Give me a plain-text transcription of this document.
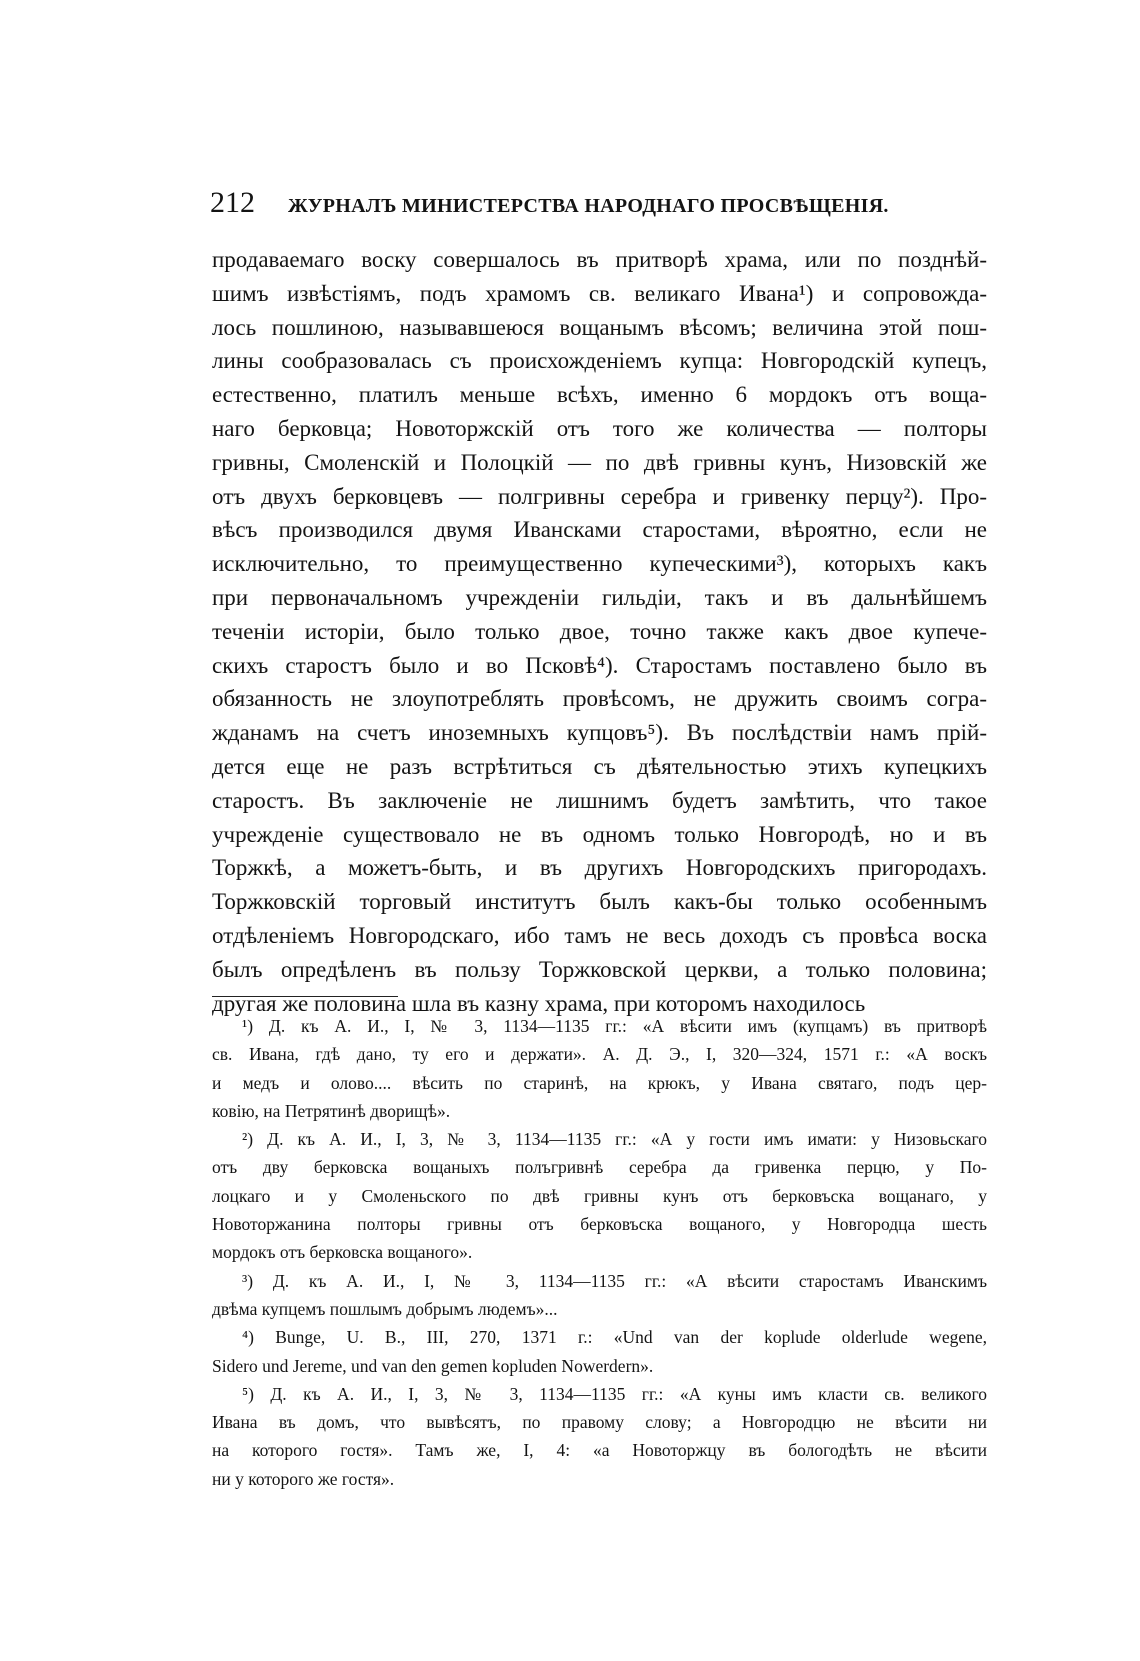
212	ЖУРНАЛЪ МИНИСТЕРСТВА НАРОДНАГО ПРОСВѢЩЕНІЯ.
продаваемаго воску совершалось въ притворѣ храма, или по позднѣй-
шимъ извѣстіямъ, подъ храмомъ св. великаго Ивана¹) и сопровожда-
лось пошлиною, называвшеюся вощанымъ вѣсомъ; величина этой пош-
лины сообразовалась съ происхожденіемъ купца: Новгородскій купецъ,
естественно, платилъ меньше всѣхъ, именно 6 мордокъ отъ воща-
наго берковца; Новоторжскій отъ того же количества — полторы
гривны, Смоленскій и Полоцкій — по двѣ гривны кунъ, Низовскій же
отъ двухъ берковцевъ — полгривны серебра и гривенку перцу²). Про-
вѣсъ производился двумя Ивансками старостами, вѣроятно, если не
исключительно, то преимущественно купеческими³), которыхъ какъ
при первоначальномъ учрежденіи гильдіи, такъ и въ дальнѣйшемъ
теченіи исторіи, было только двое, точно также какъ двое купече-
скихъ старостъ было и во Псковѣ⁴). Старостамъ поставлено было въ
обязанность не злоупотреблять провѣсомъ, не дружить своимъ согра-
жданамъ на счетъ иноземныхъ купцовъ⁵). Въ послѣдствіи намъ прій-
дется еще не разъ встрѣтиться съ дѣятельностью этихъ купецкихъ
старостъ. Въ заключеніе не лишнимъ будетъ замѣтить, что такое
учрежденіе существовало не въ одномъ только Новгородѣ, но и въ
Торжкѣ, а можетъ-быть, и въ другихъ Новгородскихъ пригородахъ.
Торжковскій торговый институтъ былъ какъ-бы только особеннымъ
отдѣленіемъ Новгородскаго, ибо тамъ не весь доходъ съ провѣса воска
былъ опредѣленъ въ пользу Торжковской церкви, а только половина;
другая же половина шла въ казну храма, при которомъ находилось
¹) Д. къ А. И., I, № 3, 1134—1135 гг.: «А вѣсити имъ (купцамъ) въ притворѣ
св. Ивана, гдѣ дано, ту его и держати». А. Д. Э., I, 320—324, 1571 г.: «А воскъ
и медъ и олово.... вѣсить по старинѣ, на крюкъ, у Ивана святаго, подъ цер-
ковію, на Петрятинѣ дворищѣ».
²) Д. къ А. И., I, 3, № 3, 1134—1135 гг.: «А у гости имъ имати: у Низовьскаго
отъ дву берковска вощаныхъ полъгривнѣ серебра да гривенка перцю, у По-
лоцкаго и у Смоленьского по двѣ гривны кунъ отъ берковъска вощанаго, у
Новоторжанина полторы гривны отъ берковъска вощаного, у Новгородца шесть
мордокъ отъ берковска вощаного».
³) Д. къ А. И., I, № 3, 1134—1135 гг.: «А вѣсити старостамъ Иванскимъ
двѣма купцемъ пошлымъ добрымъ людемъ»...
⁴) Bunge, U. B., III, 270, 1371 г.: «Und van der koplude olderlude wegene,
Sidero und Jereme, und van den gemen kopluden Nowerdern».
⁵) Д. къ А. И., I, 3, № 3, 1134—1135 гг.: «А куны имъ класти св. великого
Ивана въ домъ, что вывѣсятъ, по правому слову; а Новгородцю не вѣсити ни
на которого гостя». Тамъ же, I, 4: «а Новоторжцу въ бологодѣть не вѣсити
ни у которого же гостя».
